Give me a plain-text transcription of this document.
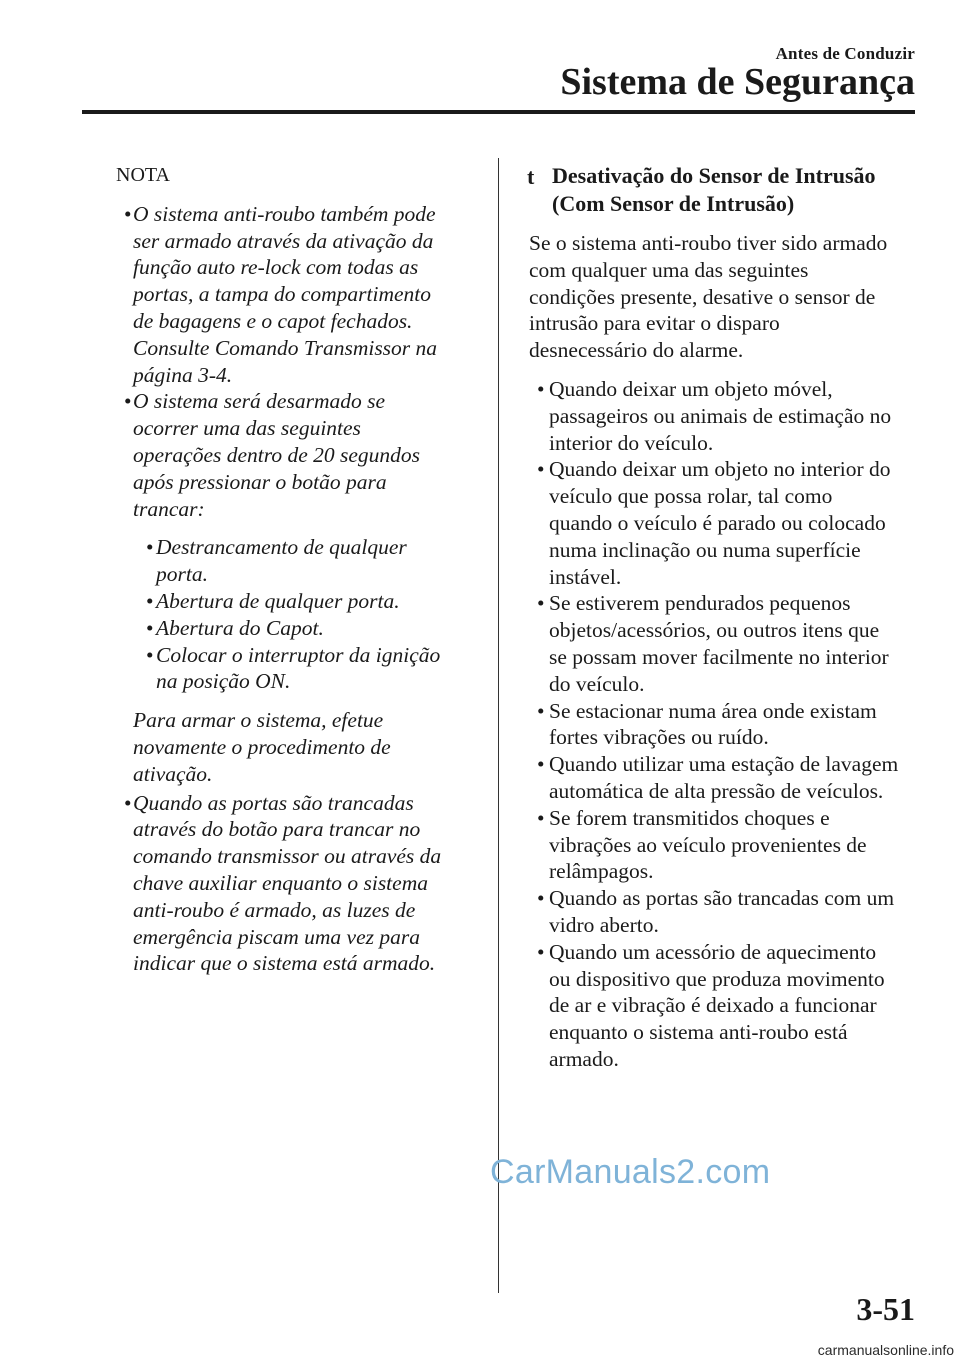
Antes de Conduzir
Sistema de Segurança
NOTA
• O sistema anti-roubo também pode
ser armado através da ativação da
função auto re-lock com todas as
portas, a tampa do compartimento
de bagagens e o capot fechados.
Consulte Comando Transmissor na
página 3-4.
• O sistema será desarmado se
ocorrer uma das seguintes
operações dentro de 20 segundos
após pressionar o botão para
trancar:
• Destrancamento de qualquer
porta.
• Abertura de qualquer porta.
• Abertura do Capot.
• Colocar o interruptor da ignição
na posição ON.
Para armar o sistema, efetue
novamente o procedimento de
ativação.
• Quando as portas são trancadas
através do botão para trancar no
comando transmissor ou através da
chave auxiliar enquanto o sistema
anti-roubo é armado, as luzes de
emergência piscam uma vez para
indicar que o sistema está armado.
t Desativação do Sensor de Intrusão
(Com Sensor de Intrusão)
Se o sistema anti-roubo tiver sido armado
com qualquer uma das seguintes
condições presente, desative o sensor de
intrusão para evitar o disparo
desnecessário do alarme.
• Quando deixar um objeto móvel,
passageiros ou animais de estimação no
interior do veículo.
• Quando deixar um objeto no interior do
veículo que possa rolar, tal como
quando o veículo é parado ou colocado
numa inclinação ou numa superfície
instável.
• Se estiverem pendurados pequenos
objetos/acessórios, ou outros itens que
se possam mover facilmente no interior
do veículo.
• Se estacionar numa área onde existam
fortes vibrações ou ruído.
• Quando utilizar uma estação de lavagem
automática de alta pressão de veículos.
• Se forem transmitidos choques e
vibrações ao veículo provenientes de
relâmpagos.
• Quando as portas são trancadas com um
vidro aberto.
• Quando um acessório de aquecimento
ou dispositivo que produza movimento
de ar e vibração é deixado a funcionar
enquanto o sistema anti-roubo está
armado.
CarManuals2.com
3-51
carmanualsonline.info
